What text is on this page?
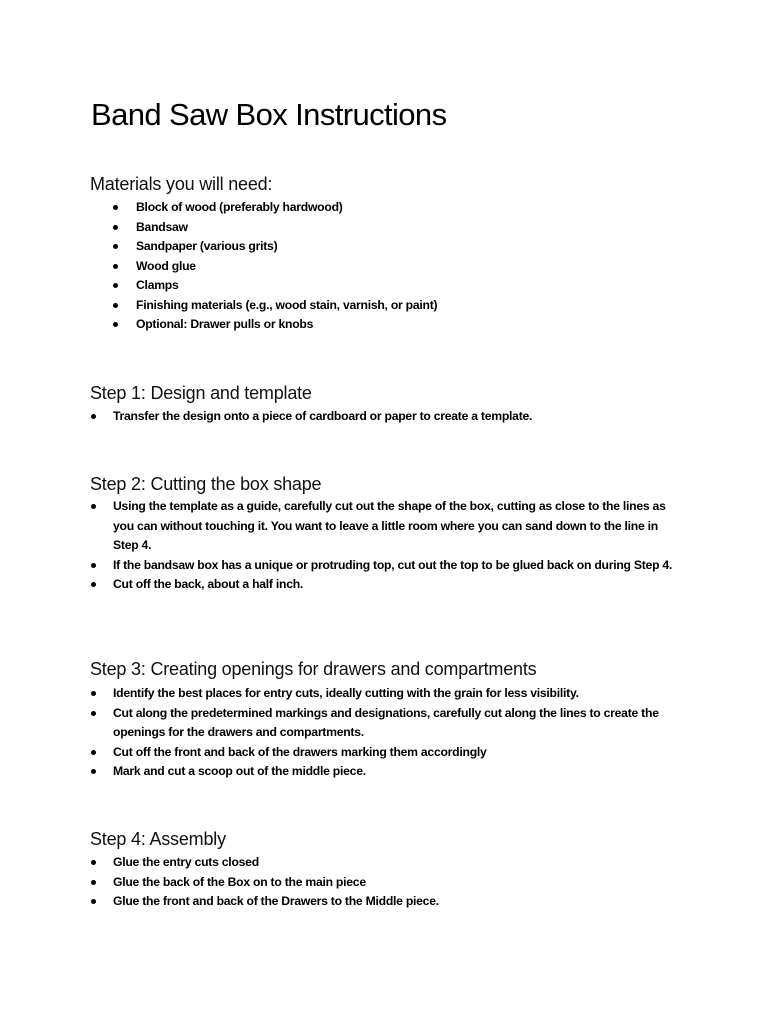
Band Saw Box Instructions
Materials you will need:
Block of wood (preferably hardwood)
Bandsaw
Sandpaper (various grits)
Wood glue
Clamps
Finishing materials (e.g., wood stain, varnish, or paint)
Optional: Drawer pulls or knobs
Step 1: Design and template
Transfer the design onto a piece of cardboard or paper to create a template.
Step 2: Cutting the box shape
Using the template as a guide, carefully cut out the shape of the box, cutting as close to the lines as you can without touching it. You want to leave a little room where you can sand down to the line in Step 4.
If the bandsaw box has a unique or protruding top, cut out the top to be glued back on during Step 4.
Cut off the back, about a half inch.
Step 3: Creating openings for drawers and compartments
Identify the best places for entry cuts, ideally cutting with the grain for less visibility.
Cut along the predetermined markings and designations, carefully cut along the lines to create the openings for the drawers and compartments.
Cut off the front and back of the drawers marking them accordingly
Mark and cut a scoop out of the middle piece.
Step 4: Assembly
Glue the entry cuts closed
Glue the back of the Box on to the main piece
Glue the front and back of the Drawers to the Middle piece.
